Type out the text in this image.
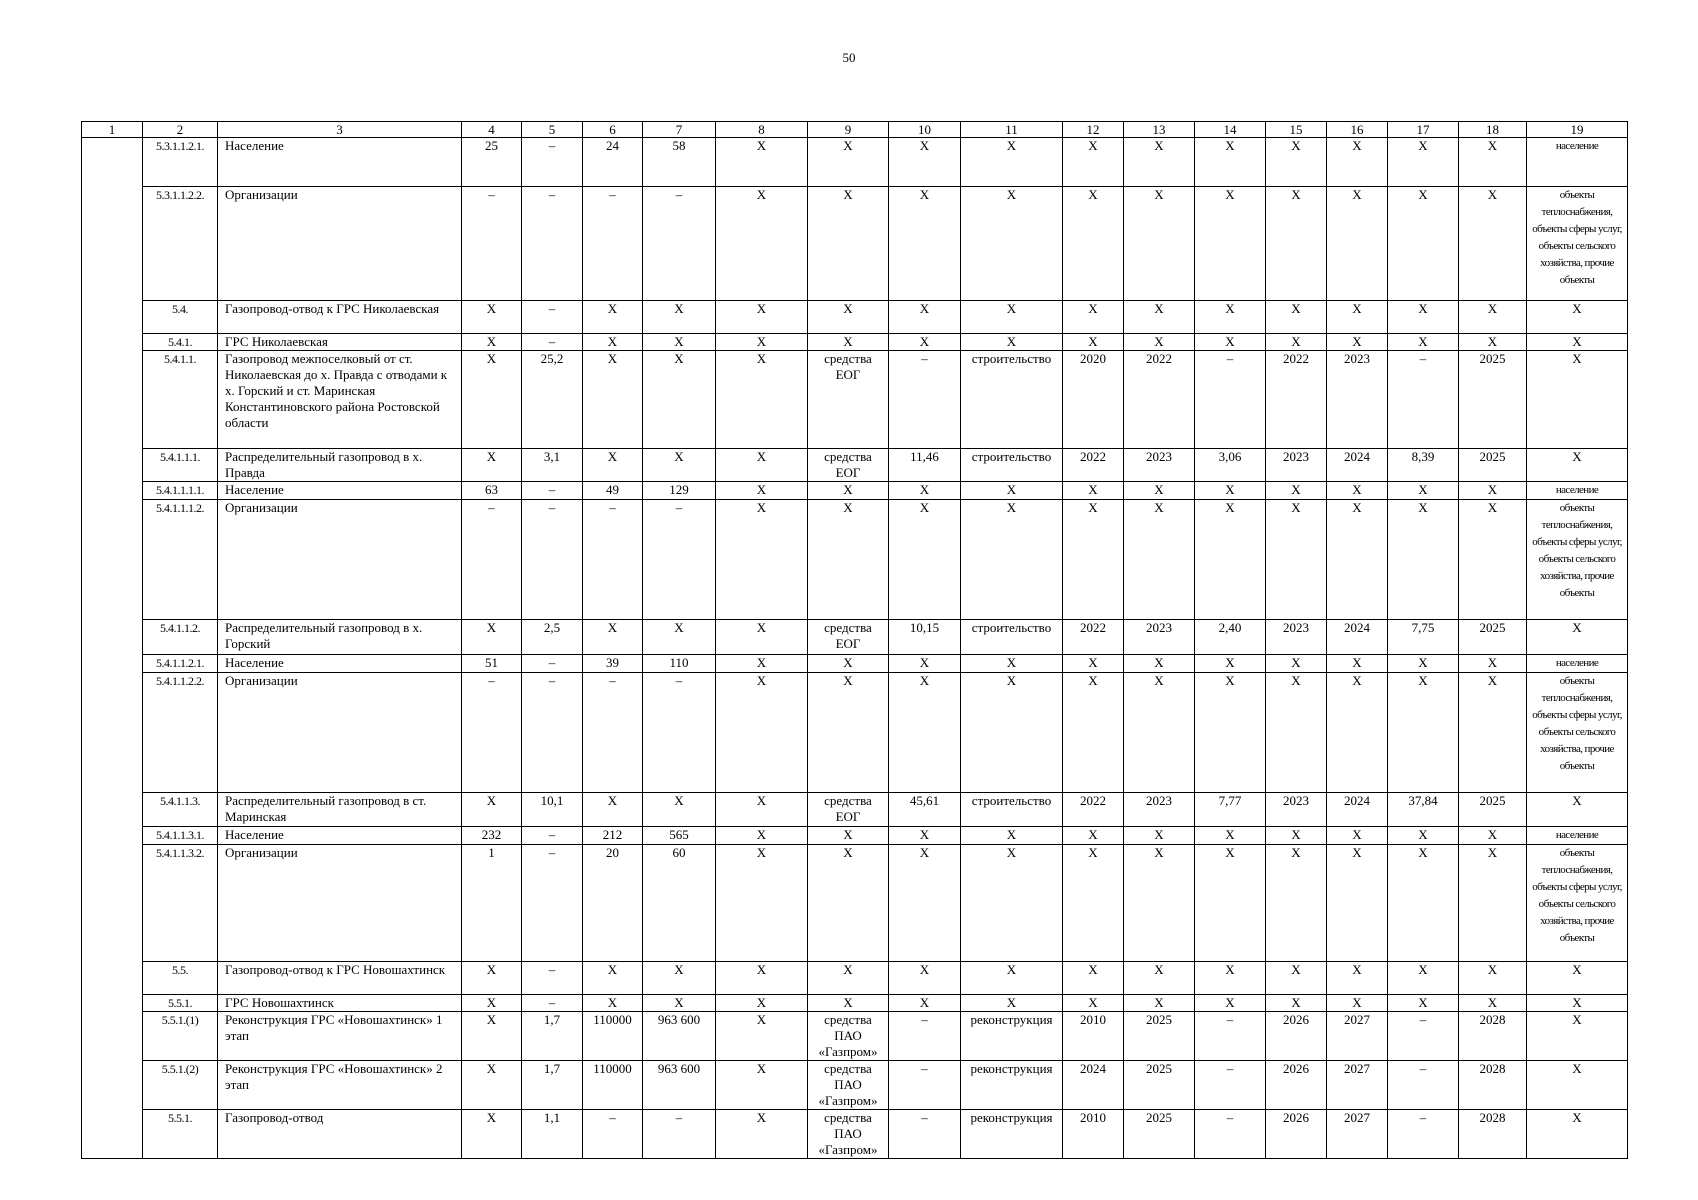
50
1	2	3	4	5	6	7	8	9	10	11	12	13	14	15	16	17	18	19
	5.3.1.1.2.1.	Население	25	–	24	58	X	X	X	X	X	X	X	X	X	X	X	население
	5.3.1.1.2.2.	Организации	–	–	–	–	X	X	X	X	X	X	X	X	X	X	X	объекты теплоснабжения, объекты сферы услуг, объекты сельского хозяйства, прочие объекты
	5.4.	Газопровод-отвод к ГРС Николаевская	X	–	X	X	X	X	X	X	X	X	X	X	X	X	X	X
	5.4.1.	ГРС Николаевская	X	–	X	X	X	X	X	X	X	X	X	X	X	X	X	X
	5.4.1.1.	Газопровод межпоселковый от ст. Николаевская до х. Правда с отводами к х. Горский и ст. Маринская Константиновского района Ростовской области	X	25,2	X	X	X	средства ЕОГ	–	строительство	2020	2022	–	2022	2023	–	2025	X
	5.4.1.1.1.	Распределительный газопровод в х. Правда	X	3,1	X	X	X	средства ЕОГ	11,46	строительство	2022	2023	3,06	2023	2024	8,39	2025	X
	5.4.1.1.1.1.	Население	63	–	49	129	X	X	X	X	X	X	X	X	X	X	X	население
	5.4.1.1.1.2.	Организации	–	–	–	–	X	X	X	X	X	X	X	X	X	X	X	объекты теплоснабжения, объекты сферы услуг, объекты сельского хозяйства, прочие объекты
	5.4.1.1.2.	Распределительный газопровод в х. Горский	X	2,5	X	X	X	средства ЕОГ	10,15	строительство	2022	2023	2,40	2023	2024	7,75	2025	X
	5.4.1.1.2.1.	Население	51	–	39	110	X	X	X	X	X	X	X	X	X	X	X	население
	5.4.1.1.2.2.	Организации	–	–	–	–	X	X	X	X	X	X	X	X	X	X	X	объекты теплоснабжения, объекты сферы услуг, объекты сельского хозяйства, прочие объекты
	5.4.1.1.3.	Распределительный газопровод в ст. Маринская	X	10,1	X	X	X	средства ЕОГ	45,61	строительство	2022	2023	7,77	2023	2024	37,84	2025	X
	5.4.1.1.3.1.	Население	232	–	212	565	X	X	X	X	X	X	X	X	X	X	X	население
	5.4.1.1.3.2.	Организации	1	–	20	60	X	X	X	X	X	X	X	X	X	X	X	объекты теплоснабжения, объекты сферы услуг, объекты сельского хозяйства, прочие объекты
	5.5.	Газопровод-отвод к ГРС Новошахтинск	X	–	X	X	X	X	X	X	X	X	X	X	X	X	X	X
	5.5.1.	ГРС Новошахтинск	X	–	X	X	X	X	X	X	X	X	X	X	X	X	X	X
	5.5.1.(1)	Реконструкция ГРС «Новошахтинск» 1 этап	X	1,7	110000	963 600	X	средства ПАО «Газпром»	–	реконструкция	2010	2025	–	2026	2027	–	2028	X
	5.5.1.(2)	Реконструкция ГРС «Новошахтинск» 2 этап	X	1,7	110000	963 600	X	средства ПАО «Газпром»	–	реконструкция	2024	2025	–	2026	2027	–	2028	X
	5.5.1.	Газопровод-отвод	X	1,1	–	–	X	средства ПАО «Газпром»	–	реконструкция	2010	2025	–	2026	2027	–	2028	X
